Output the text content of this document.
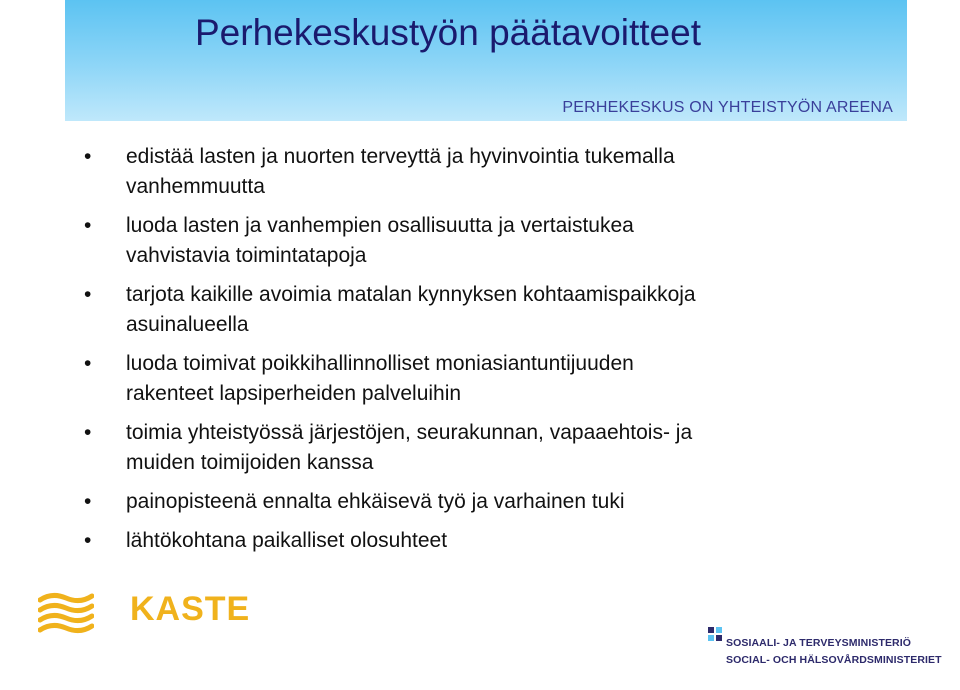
Perhekeskustyön päätavoitteet
PERHEKESKUS ON YHTEISTYÖN AREENA
• edistää lasten ja nuorten terveyttä ja hyvinvointia tukemalla
vanhemmuutta
• luoda lasten ja vanhempien osallisuutta ja vertaistukea
vahvistavia toimintatapoja
• tarjota kaikille avoimia matalan kynnyksen kohtaamispaikkoja
asuinalueella
• luoda toimivat poikkihallinnolliset moniasiantuntijuuden
rakenteet lapsiperheiden palveluihin
• toimia yhteistyössä järjestöjen, seurakunnan, vapaaehtois- ja
muiden toimijoiden kanssa
• painopisteenä ennalta ehkäisevä työ ja varhainen tuki
• lähtökohtana paikalliset olosuhteet
KASTE
SOSIAALI- JA TERVEYSMINISTERIÖ
SOCIAL- OCH HÄLSOVÅRDSMINISTERIET
